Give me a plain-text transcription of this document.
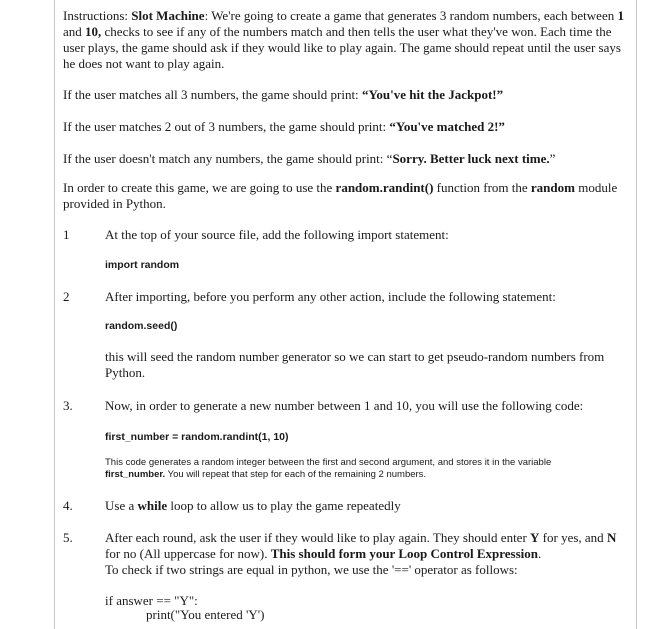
Instructions: Slot Machine: We're going to create a game that generates 3 random numbers, each between 1 and 10, checks to see if any of the numbers match and then tells the user what they've won. Each time the user plays, the game should ask if they would like to play again. The game should repeat until the user says he does not want to play again.
If the user matches all 3 numbers, the game should print: “You've hit the Jackpot!”
If the user matches 2 out of 3 numbers, the game should print: “You've matched 2!”
If the user doesn't match any numbers, the game should print: “Sorry. Better luck next time.”
In order to create this game, we are going to use the random.randint() function from the random module provided in Python.
1	At the top of your source file, add the following import statement:
import random
2	After importing, before you perform any other action, include the following statement:
random.seed()
this will seed the random number generator so we can start to get pseudo-random numbers from Python.
3. Now, in order to generate a new number between 1 and 10, you will use the following code:
first_number = random.randint(1, 10)
This code generates a random integer between the first and second argument, and stores it in the variable first_number. You will repeat that step for each of the remaining 2 numbers.
4. Use a while loop to allow us to play the game repeatedly
5. After each round, ask the user if they would like to play again. They should enter Y for yes, and N for no (All uppercase for now). This should form your Loop Control Expression.
To check if two strings are equal in python, we use the '==' operator as follows:
if answer == "Y":
print("You entered 'Y')
